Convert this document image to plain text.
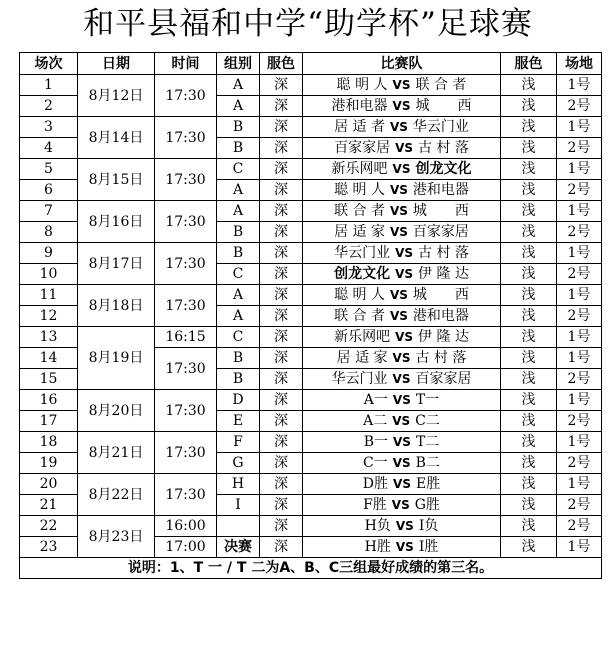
和平县福和中学“助学杯”足球赛
场次	日期	时间	组别	服色	比赛队	服色	场地
1	8月12日	17:30	A	深	聪 明 人 VS 联 合 者	浅	1号
2			A	深	港和电器 VS 城　　西	浅	2号
3	8月14日	17:30	B	深	居 适 者 VS 华云门业	浅	1号
4			B	深	百家家居 VS 古 村 落	浅	2号
5	8月15日	17:30	C	深	新乐网吧 VS 创龙文化	浅	1号
6			A	深	聪 明 人 VS 港和电器	浅	2号
7	8月16日	17:30	A	深	联 合 者 VS 城　　西	浅	1号
8			B	深	居 适 家 VS 百家家居	浅	2号
9	8月17日	17:30	B	深	华云门业 VS 古 村 落	浅	1号
10			C	深	创龙文化 VS 伊 隆 达	浅	2号
11	8月18日	17:30	A	深	聪 明 人 VS 城　　西	浅	1号
12			A	深	联 合 者 VS 港和电器	浅	2号
13	8月19日	16:15	C	深	新乐网吧 VS 伊 隆 达	浅	1号
14		17:30	B	深	居 适 家 VS 古 村 落	浅	1号
15			B	深	华云门业 VS 百家家居	浅	2号
16	8月20日	17:30	D	深	A一 VS T一	浅	1号
17			E	深	A二 VS C二	浅	2号
18	8月21日	17:30	F	深	B一 VS T二	浅	1号
19			G	深	C一 VS B二	浅	2号
20	8月22日	17:30	H	深	D胜 VS E胜	浅	1号
21			I	深	F胜 VS G胜	浅	2号
22	8月23日	16:00		深	H负 VS I负	浅	2号
23		17:00	决赛	深	H胜 VS I胜	浅	1号
说明：1、T 一 / T 二为A、B、C三组最好成绩的第三名。							
